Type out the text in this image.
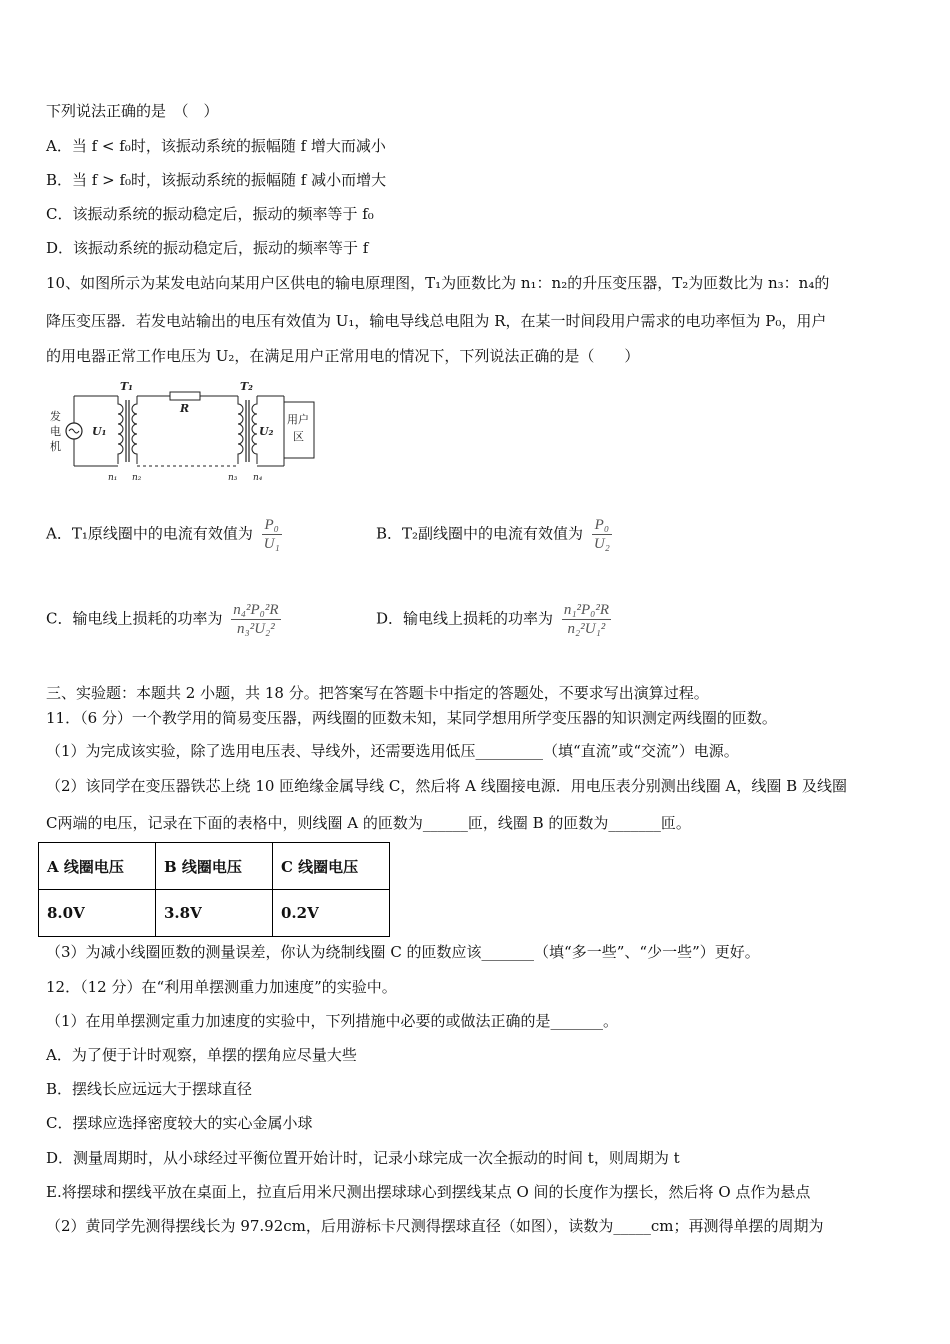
下列说法正确的是　（　）
A．当 f < f₀时，该振动系统的振幅随 f 增大而减小
B．当 f > f₀时，该振动系统的振幅随 f 减小而增大
C．该振动系统的振动稳定后，振动的频率等于 f₀
D．该振动系统的振动稳定后，振动的频率等于 f
10、如图所示为某发电站向某用户区供电的输电原理图，T₁为匝数比为 n₁：n₂的升压变压器，T₂为匝数比为 n₃：n₄的
降压变压器．若发电站输出的电压有效值为 U₁，输电导线总电阻为 R，在某一时间段用户需求的电功率恒为 P₀，用户
的用电器正常工作电压为 U₂，在满足用户正常用电的情况下，下列说法正确的是（　　）
发
电
机
U₁
T₁
n₁ n₂
R
T₂
n₃ n₄
U₂
用户
区
A．T₁原线圈中的电流有效值为 $\frac{\text{P₀}}{\text{U₁}}$	B．T₂副线圈中的电流有效值为 $\frac{\text{P₀}}{\text{U₂}}$
C．输电线上损耗的功率为 $\frac{\text{n₄²P₀²R}}{\text{n₃²U₂²}}$	D．输电线上损耗的功率为 $\frac{\text{n₁²P₀²R}}{\text{n₂²U₁²}}$
三、实验题：本题共 2 小题，共 18 分。把答案写在答题卡中指定的答题处，不要求写出演算过程。
11．（6 分）一个教学用的简易变压器，两线圈的匝数未知，某同学想用所学变压器的知识测定两线圈的匝数。
（1）为完成该实验，除了选用电压表、导线外，还需要选用低压_________（填“直流”或“交流”）电源。
（2）该同学在变压器铁芯上绕 10 匝绝缘金属导线 C，然后将 A 线圈接电源．用电压表分别测出线圈 A，线圈 B 及线圈
C两端的电压，记录在下面的表格中，则线圈 A 的匝数为______匝，线圈 B 的匝数为_______匝。
A 线圈电压	B 线圈电压	C 线圈电压
8.0V	3.8V	0.2V
（3）为减小线圈匝数的测量误差，你认为绕制线圈 C 的匝数应该_______（填“多一些”、“少一些”）更好。
12．（12 分）在“利用单摆测重力加速度”的实验中。
（1）在用单摆测定重力加速度的实验中，下列措施中必要的或做法正确的是_______。
A．为了便于计时观察，单摆的摆角应尽量大些
B．摆线长应远远大于摆球直径
C．摆球应选择密度较大的实心金属小球
D．测量周期时，从小球经过平衡位置开始计时，记录小球完成一次全振动的时间 t，则周期为 t
E.将摆球和摆线平放在桌面上，拉直后用米尺测出摆球球心到摆线某点 O 间的长度作为摆长，然后将 O 点作为悬点
（2）黄同学先测得摆线长为 97.92cm，后用游标卡尺测得摆球直径（如图），读数为_____cm；再测得单摆的周期为
